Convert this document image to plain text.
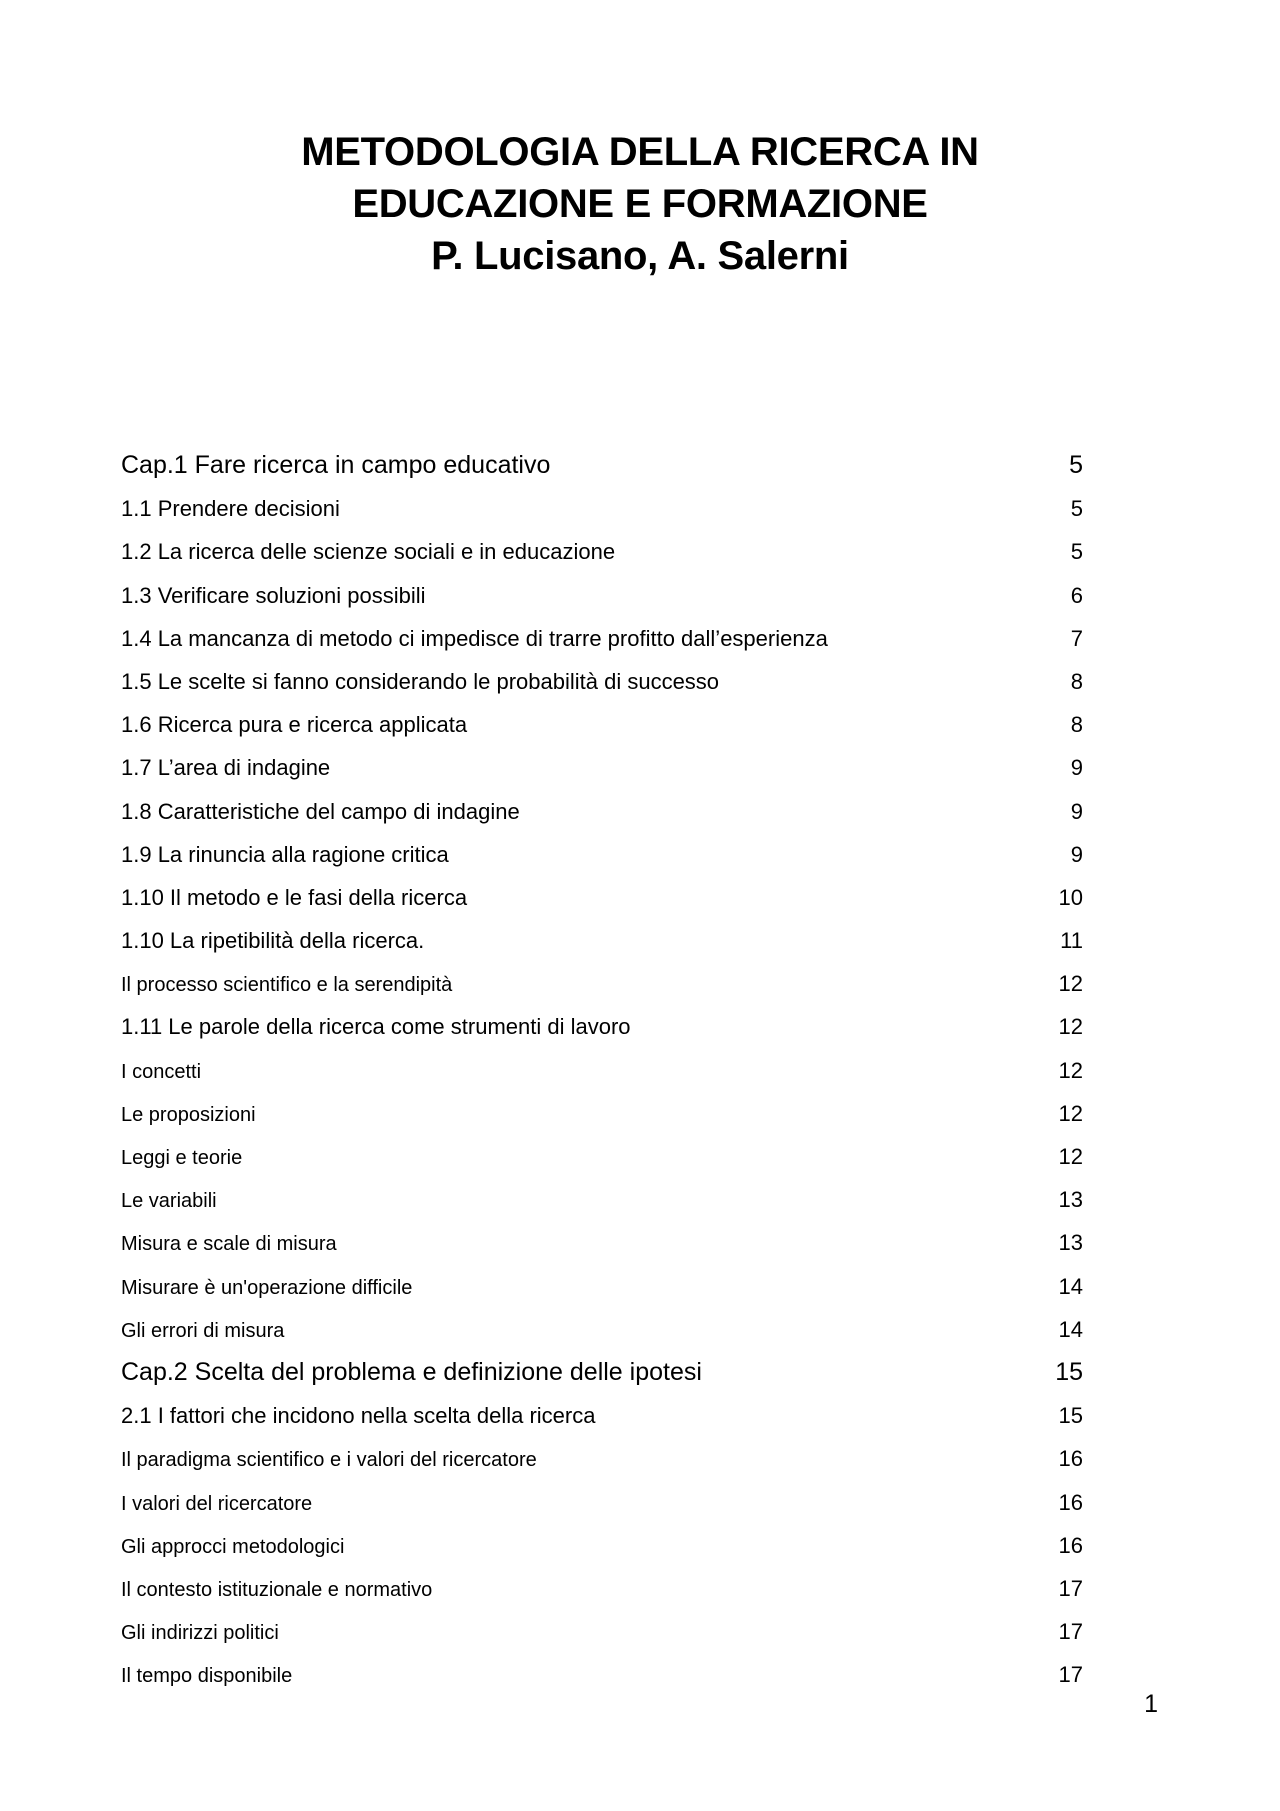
METODOLOGIA DELLA RICERCA IN
EDUCAZIONE E FORMAZIONE
P. Lucisano, A. Salerni
Cap.1 Fare ricerca in campo educativo	5
1.1 Prendere decisioni	5
1.2 La ricerca delle scienze sociali e in educazione	5
1.3 Verificare soluzioni possibili	6
1.4 La mancanza di metodo ci impedisce di trarre profitto dall’esperienza	7
1.5 Le scelte si fanno considerando le probabilità di successo	8
1.6 Ricerca pura e ricerca applicata	8
1.7 L’area di indagine	9
1.8 Caratteristiche del campo di indagine	9
1.9 La rinuncia alla ragione critica	9
1.10 Il metodo e le fasi della ricerca	10
1.10 La ripetibilità della ricerca.	11
Il processo scientifico e la serendipità	12
1.11 Le parole della ricerca come strumenti di lavoro	12
I concetti	12
Le proposizioni	12
Leggi e teorie	12
Le variabili	13
Misura e scale di misura	13
Misurare è un'operazione difficile	14
Gli errori di misura	14
Cap.2 Scelta del problema e definizione delle ipotesi	15
2.1 I fattori che incidono nella scelta della ricerca	15
Il paradigma scientifico e i valori del ricercatore	16
I valori del ricercatore	16
Gli approcci metodologici	16
Il contesto istituzionale e normativo	17
Gli indirizzi politici	17
Il tempo disponibile	17
1
